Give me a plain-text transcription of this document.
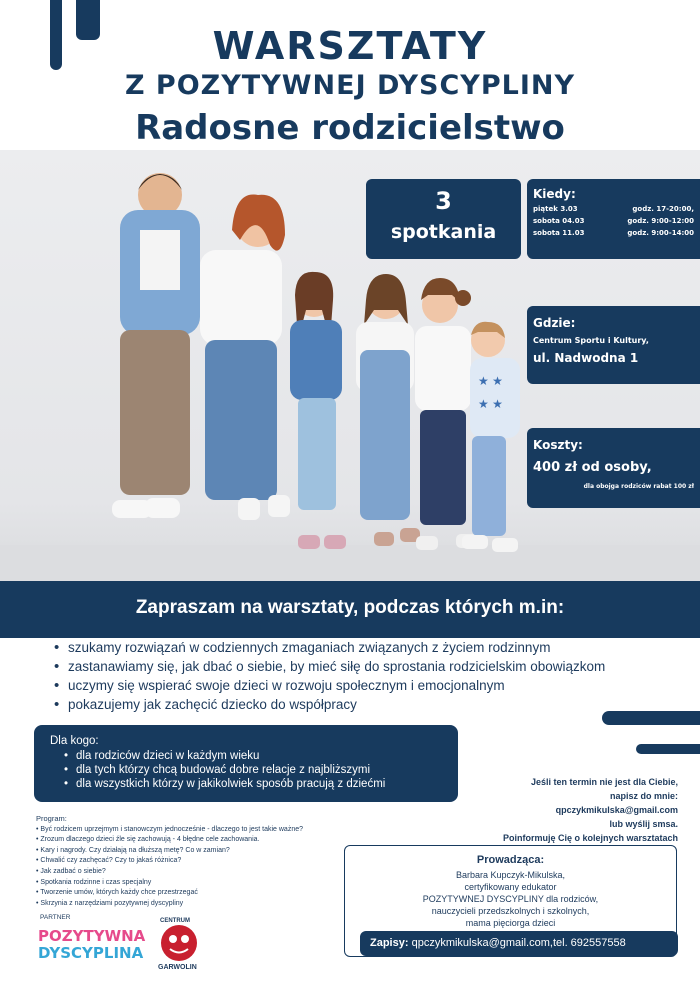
WARSZTATY
Z POZYTYWNEJ DYSCYPLINY
Radosne rodzicielstwo
★ ★
★ ★
3
spotkania
Kiedy:
piątek 3.03	godz. 17-20:00,
sobota 04.03	godz. 9:00-12:00
sobota 11.03	godz. 9:00-14:00
Gdzie:
Centrum Sportu i Kultury,
ul. Nadwodna 1
Koszty:
400 zł od osoby,
dla obojga rodziców rabat 100 zł
Zapraszam na warsztaty, podczas których m.in:
• szukamy rozwiązań w codziennych zmaganiach związanych z życiem rodzinnym
• zastanawiamy się, jak dbać o siebie, by mieć siłę do sprostania rodzicielskim obowiązkom
• uczymy się wspierać swoje dzieci w rozwoju społecznym i emocjonalnym
• pokazujemy jak zachęcić dziecko do współpracy
Dla kogo:
• dla rodziców dzieci w każdym wieku
• dla tych którzy chcą budować dobre relacje z najbliższymi
• dla wszystkich którzy w jakikolwiek sposób pracują z dziećmi	Jeśli ten termin nie jest dla Ciebie,
napisz do mnie:
qpczykmikulska@gmail.com
lub wyślij smsa.
Poinformuję Cię o kolejnych warsztatach
Program:
• Być rodzicem uprzejmym i stanowczym jednocześnie - dlaczego to jest takie ważne?
• Zrozum dlaczego dzieci źle się zachowują - 4 błędne cele zachowania.
• Kary i nagrody. Czy działają na dłuższą metę? Co w zamian?
• Chwalić czy zachęcać? Czy to jakaś różnica?
• Jak zadbać o siebie?
• Spotkania rodzinne i czas specjalny
• Tworzenie umów, których każdy chce przestrzegać
• Skrzynia z narzędziami pozytywnej dyscypliny
PARTNER
POZYTYWNA
DYSCYPLINA
CENTRUM
GARWOLIN
Prowadząca:
Barbara Kupczyk-Mikulska,
certyfikowany edukator
POZYTYWNEJ DYSCYPLINY dla rodziców,
nauczycieli przedszkolnych i szkolnych,
mama pięciorga dzieci
Zapisy: qpczykmikulska@gmail.com,tel. 692557558
